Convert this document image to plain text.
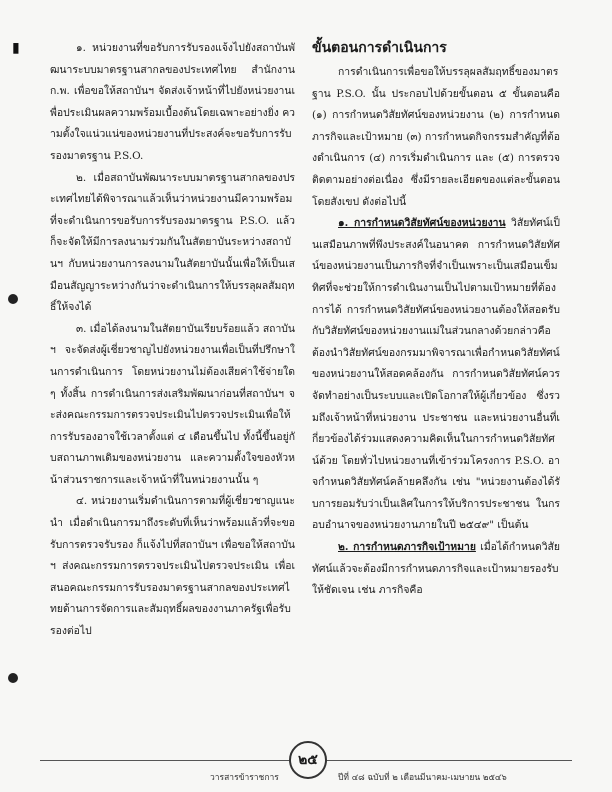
▮	๑. หน่วยงานที่ขอรับการรับรองแจ้งไปยังสถาบันพัฒนาระบบมาตรฐานสากลของประเทศไทย สำนักงาน ก.พ. เพื่อขอให้สถาบันฯ จัดส่งเจ้าหน้าที่ไปยังหน่วยงานเพื่อประเมินผลความพร้อมเบื้องต้นโดยเฉพาะอย่างยิ่ง ความตั้งใจแน่วแน่ของหน่วยงานที่ประสงค์จะขอรับการรับรองมาตรฐาน P.S.O.

๒. เมื่อสถาบันพัฒนาระบบมาตรฐานสากลของประเทศไทยได้พิจารณาแล้วเห็นว่าหน่วยงานมีความพร้อมที่จะดำเนินการขอรับการรับรองมาตรฐาน P.S.O. แล้ว ก็จะจัดให้มีการลงนามร่วมกันในสัตยาบันระหว่างสถาบันฯ กับหน่วยงานการลงนามในสัตยาบันนั้นเพื่อให้เป็นเสมือนสัญญาระหว่างกันว่าจะดำเนินการให้บรรลุผลสัมฤทธิ์ให้จงได้

๓. เมื่อได้ลงนามในสัตยาบันเรียบร้อยแล้ว สถาบันฯ จะจัดส่งผู้เชี่ยวชาญไปยังหน่วยงานเพื่อเป็นที่ปรึกษาในการดำเนินการ โดยหน่วยงานไม่ต้องเสียค่าใช้จ่ายใด ๆ ทั้งสิ้น การดำเนินการส่งเสริมพัฒนาก่อนที่สถาบันฯ จะส่งคณะกรรมการตรวจประเมินไปตรวจประเมินเพื่อให้การรับรองอาจใช้เวลาตั้งแต่ ๔ เดือนขึ้นไป ทั้งนี้ขึ้นอยู่กับสถานภาพเดิมของหน่วยงาน และความตั้งใจของหัวหน้าส่วนราชการและเจ้าหน้าที่ในหน่วยงานนั้น ๆ

๔. หน่วยงานเริ่มดำเนินการตามที่ผู้เชี่ยวชาญแนะนำ เมื่อดำเนินการมาถึงระดับที่เห็นว่าพร้อมแล้วที่จะขอรับการตรวจรับรอง ก็แจ้งไปที่สถาบันฯ เพื่อขอให้สถาบันฯ ส่งคณะกรรมการตรวจประเมินไปตรวจประเมิน เพื่อเสนอคณะกรรมการรับรองมาตรฐานสากลของประเทศไทยด้านการจัดการและสัมฤทธิ์ผลของงานภาครัฐเพื่อรับรองต่อไป

ขั้นตอนการดำเนินการ

การดำเนินการเพื่อขอให้บรรลุผลสัมฤทธิ์ของมาตรฐาน P.S.O. นั้น ประกอบไปด้วยขั้นตอน ๕ ขั้นตอนคือ (๑) การกำหนดวิสัยทัศน์ของหน่วยงาน (๒) การกำหนดภารกิจและเป้าหมาย (๓) การกำหนดกิจกรรมสำคัญที่ต้องดำเนินการ (๔) การเริ่มดำเนินการ และ (๕) การตรวจติดตามอย่างต่อเนื่อง ซึ่งมีรายละเอียดของแต่ละขั้นตอนโดยสังเขป ดังต่อไปนี้

๑. การกำหนดวิสัยทัศน์ของหน่วยงาน วิสัยทัศน์เป็นเสมือนภาพที่พึงประสงค์ในอนาคต การกำหนดวิสัยทัศน์ของหน่วยงานเป็นภารกิจที่จำเป็นเพราะเป็นเสมือนเข็มทิศที่จะช่วยให้การดำเนินงานเป็นไปตามเป้าหมายที่ต้องการได้ การกำหนดวิสัยทัศน์ของหน่วยงานต้องให้สอดรับกับวิสัยทัศน์ของหน่วยงานแม่ในส่วนกลางด้วยกล่าวคือ ต้องนำวิสัยทัศน์ของกรมมาพิจารณาเพื่อกำหนดวิสัยทัศน์ของหน่วยงานให้สอดคล้องกัน การกำหนดวิสัยทัศน์ควรจัดทำอย่างเป็นระบบและเปิดโอกาสให้ผู้เกี่ยวข้อง ซึ่งรวมถึงเจ้าหน้าที่หน่วยงาน ประชาชน และหน่วยงานอื่นที่เกี่ยวข้องได้ร่วมแสดงความคิดเห็นในการกำหนดวิสัยทัศน์ด้วย โดยทั่วไปหน่วยงานที่เข้าร่วมโครงการ P.S.O. อาจกำหนดวิสัยทัศน์คล้ายคลึงกัน เช่น "หน่วยงานต้องได้รับการยอมรับว่าเป็นเลิศในการให้บริการประชาชน ในกรอบอำนาจของหน่วยงานภายในปี ๒๕๔๙" เป็นต้น

๒. การกำหนดภารกิจเป้าหมาย เมื่อได้กำหนดวิสัยทัศน์แล้วจะต้องมีการกำหนดภารกิจและเป้าหมายรองรับให้ชัดเจน เช่น ภารกิจคือ

๒๕
วารสารข้าราชการ	ปีที่ ๔๘ ฉบับที่ ๒ เดือนมีนาคม-เมษายน ๒๕๔๖
